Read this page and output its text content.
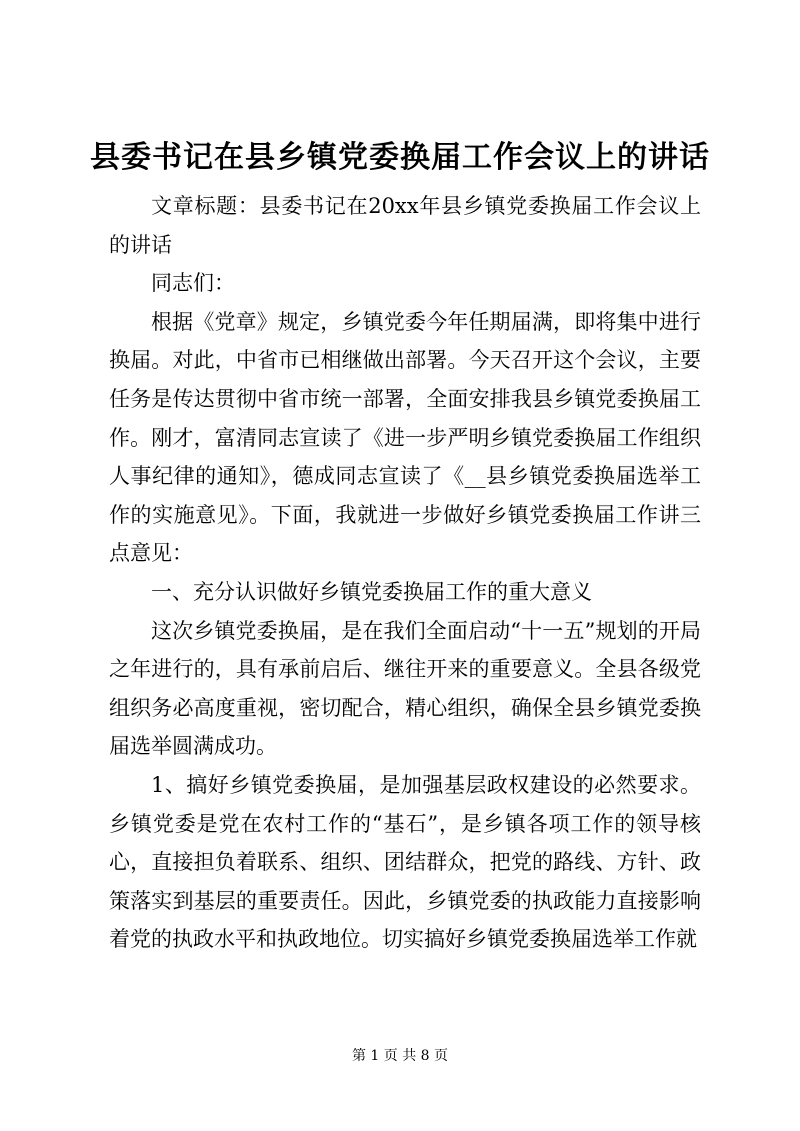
县委书记在县乡镇党委换届工作会议上的讲话

文章标题：县委书记在20xx年县乡镇党委换届工作会议上的讲话

同志们：

根据《党章》规定，乡镇党委今年任期届满，即将集中进行换届。对此，中省市已相继做出部署。今天召开这个会议，主要任务是传达贯彻中省市统一部署，全面安排我县乡镇党委换届工作。刚才，富清同志宣读了《进一步严明乡镇党委换届工作组织人事纪律的通知》，德成同志宣读了《__县乡镇党委换届选举工作的实施意见》。下面，我就进一步做好乡镇党委换届工作讲三点意见：

一、充分认识做好乡镇党委换届工作的重大意义

这次乡镇党委换届，是在我们全面启动“十一五”规划的开局之年进行的，具有承前启后、继往开来的重要意义。全县各级党组织务必高度重视，密切配合，精心组织，确保全县乡镇党委换届选举圆满成功。

1、搞好乡镇党委换届，是加强基层政权建设的必然要求。乡镇党委是党在农村工作的“基石”，是乡镇各项工作的领导核心，直接担负着联系、组织、团结群众，把党的路线、方针、政策落实到基层的重要责任。因此，乡镇党委的执政能力直接影响着党的执政水平和执政地位。切实搞好乡镇党委换届选举工作就

第 1 页 共 8 页
